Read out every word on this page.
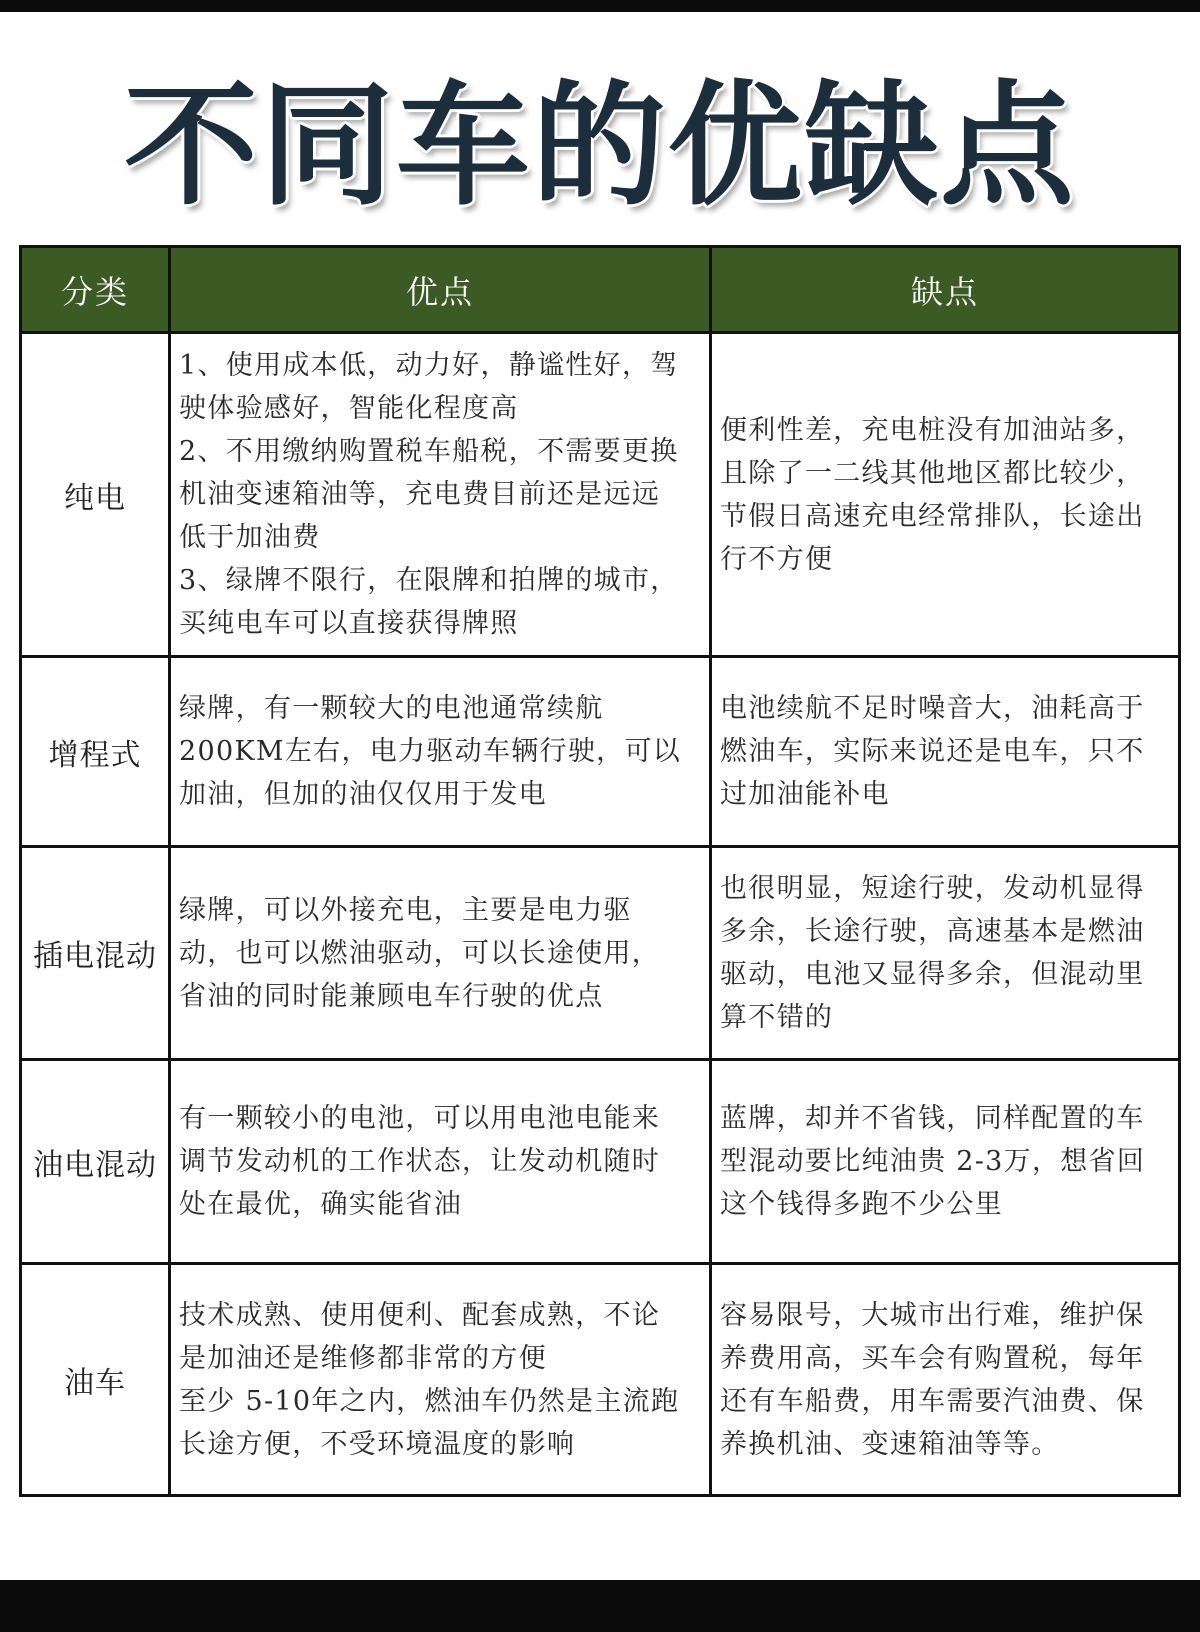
不同车的优缺点
分类	优点	缺点
纯电
1、使用成本低，动力好，静谧性好，驾
驶体验感好，智能化程度高
2、不用缴纳购置税车船税，不需要更换
机油变速箱油等，充电费目前还是远远
低于加油费
3、绿牌不限行，在限牌和拍牌的城市，
买纯电车可以直接获得牌照
便利性差，充电桩没有加油站多，
且除了一二线其他地区都比较少，
节假日高速充电经常排队，长途出
行不方便
增程式
绿牌，有一颗较大的电池通常续航
200KM左右，电力驱动车辆行驶，可以
加油，但加的油仅仅用于发电
电池续航不足时噪音大，油耗高于
燃油车，实际来说还是电车，只不
过加油能补电
插电混动
绿牌，可以外接充电，主要是电力驱
动，也可以燃油驱动，可以长途使用，
省油的同时能兼顾电车行驶的优点
也很明显，短途行驶，发动机显得
多余，长途行驶，高速基本是燃油
驱动，电池又显得多余，但混动里
算不错的
油电混动
有一颗较小的电池，可以用电池电能来
调节发动机的工作状态，让发动机随时
处在最优，确实能省油
蓝牌，却并不省钱，同样配置的车
型混动要比纯油贵 2-3万，想省回
这个钱得多跑不少公里
油车
技术成熟、使用便利、配套成熟，不论
是加油还是维修都非常的方便
至少 5-10年之内，燃油车仍然是主流跑
长途方便，不受环境温度的影响
容易限号，大城市出行难，维护保
养费用高，买车会有购置税，每年
还有车船费，用车需要汽油费、保
养换机油、变速箱油等等。
